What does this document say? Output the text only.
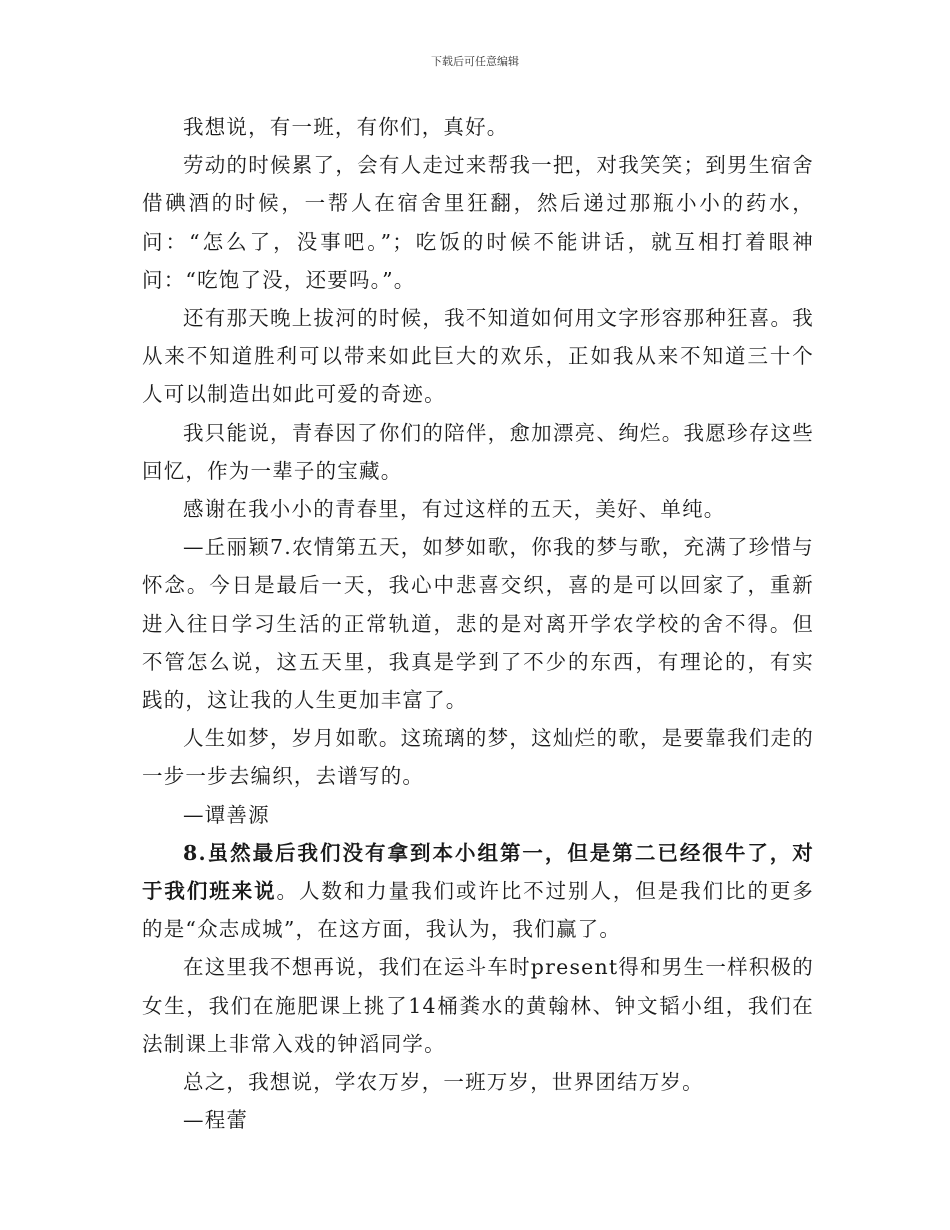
下载后可任意编辑

我想说，有一班，有你们，真好。

劳动的时候累了，会有人走过来帮我一把，对我笑笑；到男生宿舍借碘酒的时候，一帮人在宿舍里狂翻，然后递过那瓶小小的药水，问：“怎么了，没事吧。”；吃饭的时候不能讲话，就互相打着眼神问：“吃饱了没，还要吗。”。

还有那天晚上拔河的时候，我不知道如何用文字形容那种狂喜。我从来不知道胜利可以带来如此巨大的欢乐，正如我从来不知道三十个人可以制造出如此可爱的奇迹。

我只能说，青春因了你们的陪伴，愈加漂亮、绚烂。我愿珍存这些回忆，作为一辈子的宝藏。

感谢在我小小的青春里，有过这样的五天，美好、单纯。

—丘丽颖7.农情第五天，如梦如歌，你我的梦与歌，充满了珍惜与怀念。今日是最后一天，我心中悲喜交织，喜的是可以回家了，重新进入往日学习生活的正常轨道，悲的是对离开学农学校的舍不得。但不管怎么说，这五天里，我真是学到了不少的东西，有理论的，有实践的，这让我的人生更加丰富了。

人生如梦，岁月如歌。这琉璃的梦，这灿烂的歌，是要靠我们走的一步一步去编织，去谱写的。

—谭善源

8.虽然最后我们没有拿到本小组第一，但是第二已经很牛了，对于我们班来说。人数和力量我们或许比不过别人，但是我们比的更多的是“众志成城”，在这方面，我认为，我们赢了。

在这里我不想再说，我们在运斗车时present得和男生一样积极的女生，我们在施肥课上挑了14桶粪水的黄翰林、钟文韬小组，我们在法制课上非常入戏的钟滔同学。

总之，我想说，学农万岁，一班万岁，世界团结万岁。

—程蕾
